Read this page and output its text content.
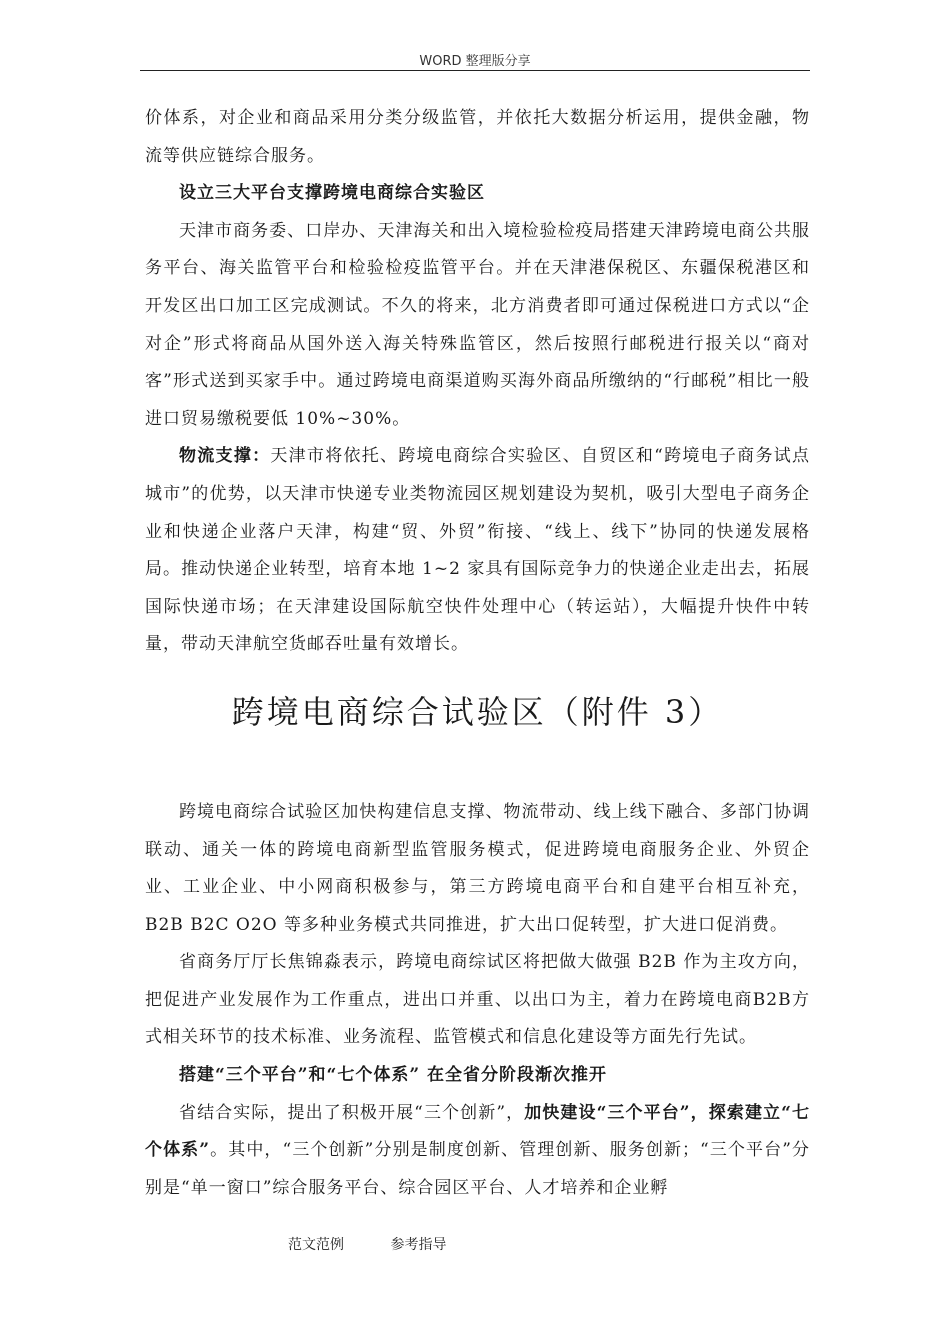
WORD 整理版分享

价体系，对企业和商品采用分类分级监管，并依托大数据分析运用，提供金融，物流等供应链综合服务。

设立三大平台支撑跨境电商综合实验区

天津市商务委、口岸办、天津海关和出入境检验检疫局搭建天津跨境电商公共服务平台、海关监管平台和检验检疫监管平台。并在天津港保税区、东疆保税港区和开发区出口加工区完成测试。不久的将来，北方消费者即可通过保税进口方式以“企对企”形式将商品从国外送入海关特殊监管区，然后按照行邮税进行报关以“商对客”形式送到买家手中。通过跨境电商渠道购买海外商品所缴纳的“行邮税”相比一般进口贸易缴税要低 10%~30%。

物流支撑：天津市将依托、跨境电商综合实验区、自贸区和“跨境电子商务试点城市”的优势，以天津市快递专业类物流园区规划建设为契机，吸引大型电子商务企业和快递企业落户天津，构建“贸、外贸”衔接、“线上、线下”协同的快递发展格局。推动快递企业转型，培育本地 1~2 家具有国际竞争力的快递企业走出去，拓展国际快递市场；在天津建设国际航空快件处理中心（转运站），大幅提升快件中转量，带动天津航空货邮吞吐量有效增长。

跨境电商综合试验区（附件 3）

跨境电商综合试验区加快构建信息支撑、物流带动、线上线下融合、多部门协调联动、通关一体的跨境电商新型监管服务模式，促进跨境电商服务企业、外贸企业、工业企业、中小网商积极参与，第三方跨境电商平台和自建平台相互补充，B2B B2C O2O 等多种业务模式共同推进，扩大出口促转型，扩大进口促消费。

省商务厅厅长焦锦淼表示，跨境电商综试区将把做大做强 B2B 作为主攻方向，把促进产业发展作为工作重点，进出口并重、以出口为主，着力在跨境电商B2B方式相关环节的技术标准、业务流程、监管模式和信息化建设等方面先行先试。

搭建“三个平台”和“七个体系” 在全省分阶段渐次推开

省结合实际，提出了积极开展“三个创新”，加快建设“三个平台”，探索建立“七个体系”。其中，“三个创新”分别是制度创新、管理创新、服务创新；“三个平台”分别是“单一窗口”综合服务平台、综合园区平台、人才培养和企业孵

范文范例	参考指导
